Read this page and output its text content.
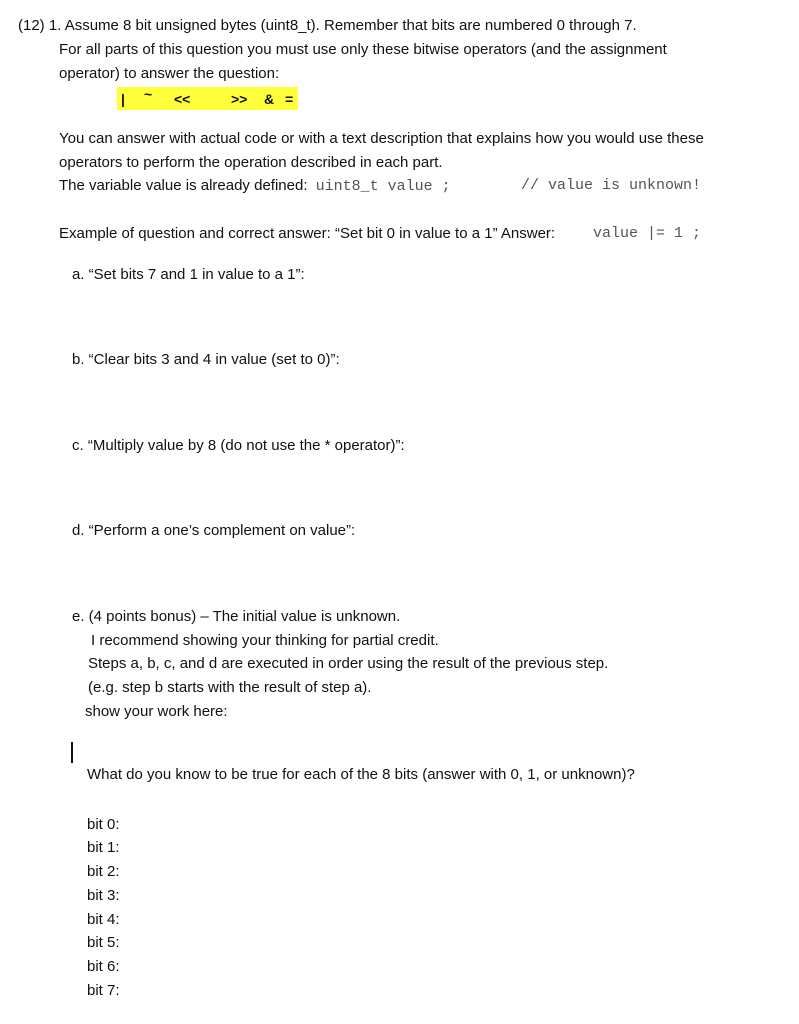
(12) 1. Assume 8 bit unsigned bytes (uint8_t). Remember that bits are numbered 0 through 7.
For all parts of this question you must use only these bitwise operators (and the assignment
operator) to answer the question:
| ~ <<	>> & =
You can answer with actual code or with a text description that explains how you would use these
operators to perform the operation described in each part.
The variable value is already defined: uint8_t value ;	// value is unknown!
Example of question and correct answer: “Set bit 0 in value to a 1” Answer:	value |= 1 ;
a. “Set bits 7 and 1 in value to a 1”:
b. “Clear bits 3 and 4 in value (set to 0)”:
c. “Multiply value by 8 (do not use the * operator)”:
d. “Perform a one’s complement on value”:
e. (4 points bonus) – The initial value is unknown.
I recommend showing your thinking for partial credit.
Steps a, b, c, and d are executed in order using the result of the previous step.
(e.g. step b starts with the result of step a).
show your work here:
What do you know to be true for each of the 8 bits (answer with 0, 1, or unknown)?
bit 0:
bit 1:
bit 2:
bit 3:
bit 4:
bit 5:
bit 6:
bit 7:
